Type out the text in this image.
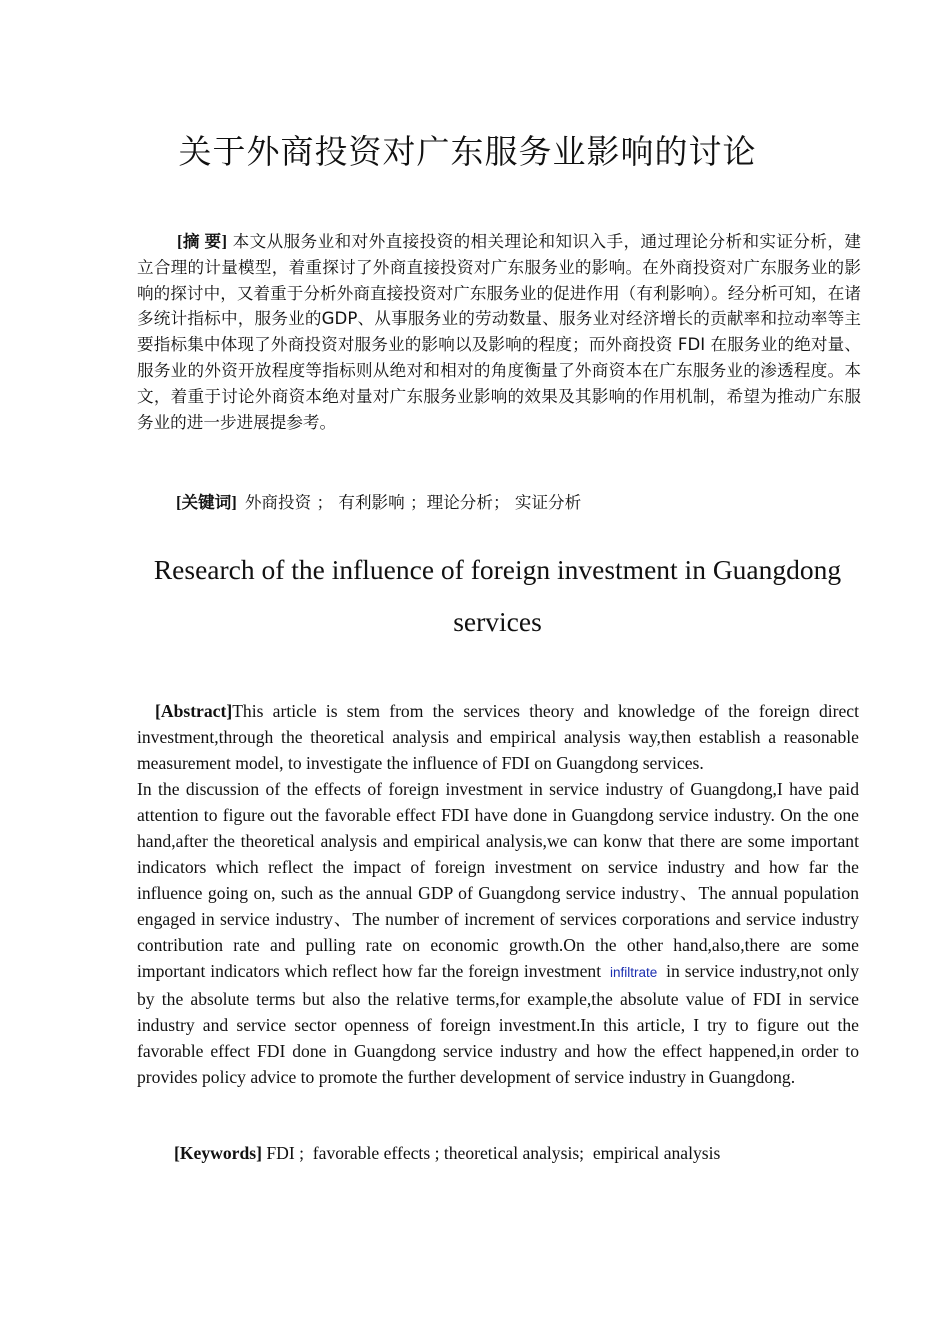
关于外商投资对广东服务业影响的讨论

[摘 要] 本文从服务业和对外直接投资的相关理论和知识入手，通过理论分析和实证分析，建立合理的计量模型，着重探讨了外商直接投资对广东服务业的影响。在外商投资对广东服务业的影响的探讨中，又着重于分析外商直接投资对广东服务业的促进作用（有利影响）。经分析可知，在诸多统计指标中，服务业的GDP、从事服务业的劳动数量、服务业对经济增长的贡献率和拉动率等主要指标集中体现了外商投资对服务业的影响以及影响的程度；而外商投资 FDI 在服务业的绝对量、服务业的外资开放程度等指标则从绝对和相对的角度衡量了外商资本在广东服务业的渗透程度。本文，着重于讨论外商资本绝对量对广东服务业影响的效果及其影响的作用机制，希望为推动广东服务业的进一步进展提参考。

[关键词] 外商投资 ； 有利影响 ；理论分析； 实证分析

Research of the influence of foreign investment in Guangdong services
[Abstract]This article is stem from the services theory and knowledge of the foreign direct investment,through the theoretical analysis and empirical analysis way,then establish a reasonable measurement model, to investigate the influence of FDI on Guangdong services.
In the discussion of the effects of foreign investment in service industry of Guangdong,I have paid attention to figure out the favorable effect FDI have done in Guangdong service industry. On the one hand,after the theoretical analysis and empirical analysis,we can konw that there are some important indicators which reflect the impact of foreign investment on service industry and how far the influence going on, such as the annual GDP of Guangdong service industry、The annual population engaged in service industry、The number of increment of services corporations and service industry contribution rate and pulling rate on economic growth.On the other hand,also,there are some important indicators which reflect how far the foreign investment infiltrate in service industry,not only by the absolute terms but also the relative terms,for example,the absolute value of FDI in service industry and service sector openness of foreign investment.In this article, I try to figure out the favorable effect FDI done in Guangdong service industry and how the effect happened,in order to provides policy advice to promote the further development of service industry in Guangdong.

[Keywords] FDI ;  favorable effects ; theoretical analysis;  empirical analysis
